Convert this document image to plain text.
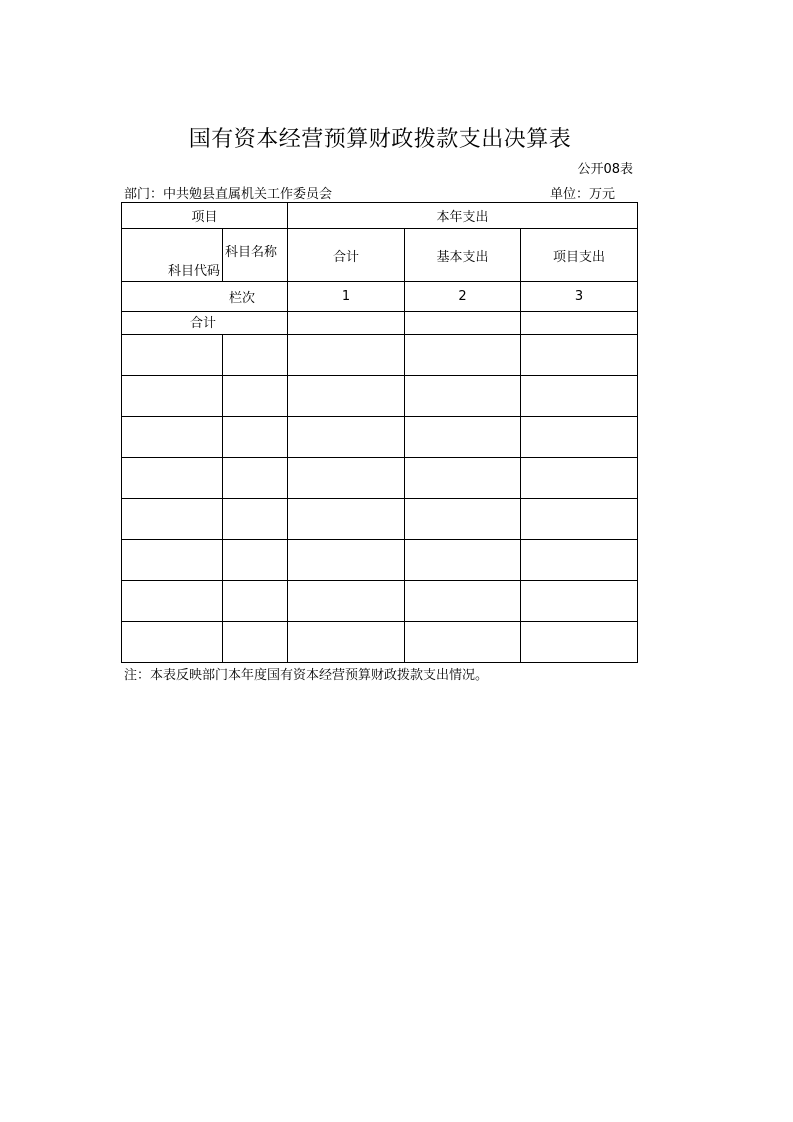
国有资本经营预算财政拨款支出决算表
公开08表
部门：中共勉县直属机关工作委员会	单位：万元
项目		本年支出		
科目代码	科目名称	合计	基本支出	项目支出
栏次		1	2	3
合计				

注：本表反映部门本年度国有资本经营预算财政拨款支出情况。
